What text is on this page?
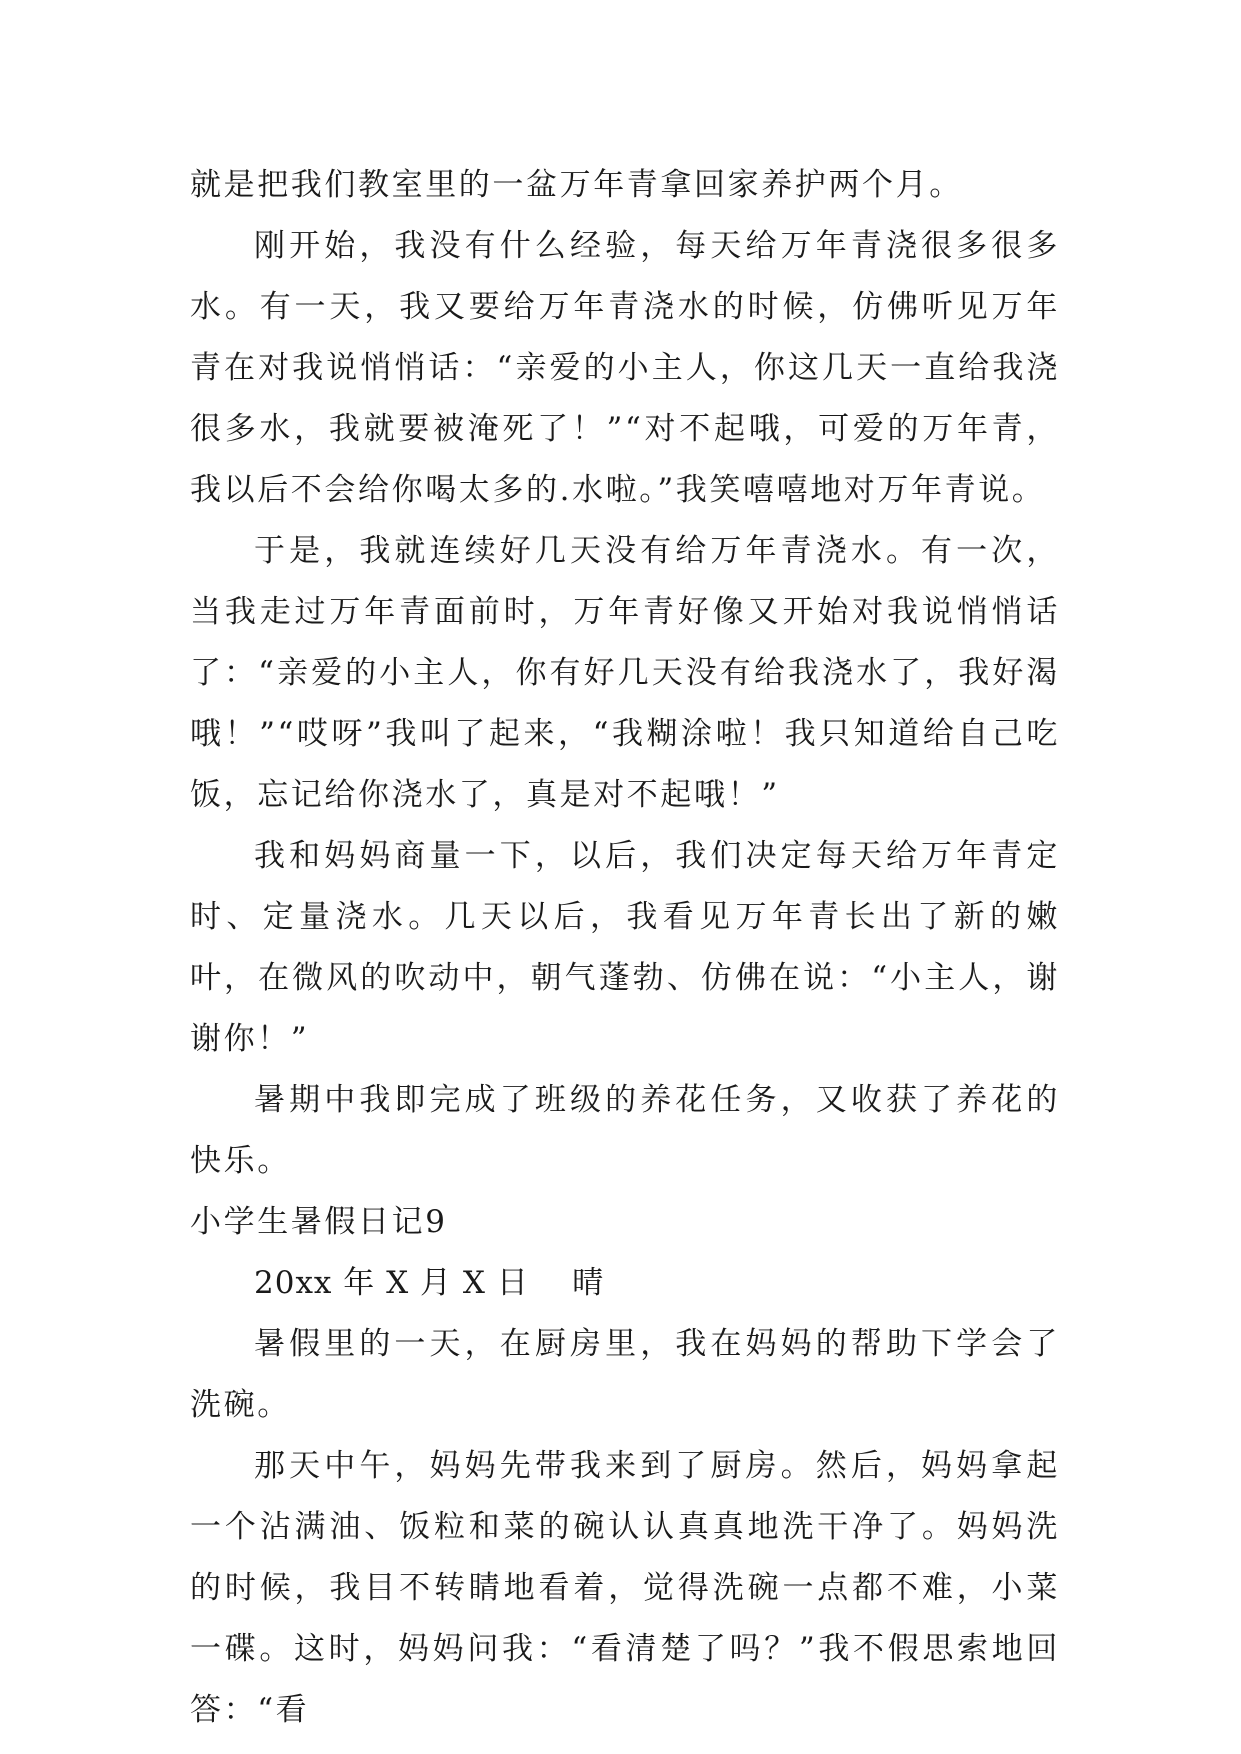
就是把我们教室里的一盆万年青拿回家养护两个月。

刚开始，我没有什么经验，每天给万年青浇很多很多水。有一天，我又要给万年青浇水的时候，仿佛听见万年青在对我说悄悄话：“亲爱的小主人，你这几天一直给我浇很多水，我就要被淹死了！”“对不起哦，可爱的万年青，我以后不会给你喝太多的.水啦。”我笑嘻嘻地对万年青说。

于是，我就连续好几天没有给万年青浇水。有一次，当我走过万年青面前时，万年青好像又开始对我说悄悄话了：“亲爱的小主人，你有好几天没有给我浇水了，我好渴哦！”“哎呀”我叫了起来，“我糊涂啦！我只知道给自己吃饭，忘记给你浇水了，真是对不起哦！”

我和妈妈商量一下，以后，我们决定每天给万年青定时、定量浇水。几天以后，我看见万年青长出了新的嫩叶，在微风的吹动中，朝气蓬勃、仿佛在说：“小主人，谢谢你！”

暑期中我即完成了班级的养花任务，又收获了养花的快乐。

小学生暑假日记9

20xx 年 X 月 X 日    晴

暑假里的一天，在厨房里，我在妈妈的帮助下学会了洗碗。

那天中午，妈妈先带我来到了厨房。然后，妈妈拿起一个沾满油、饭粒和菜的碗认认真真地洗干净了。妈妈洗的时候，我目不转睛地看着，觉得洗碗一点都不难，小菜一碟。这时，妈妈问我：“看清楚了吗？”我不假思索地回答：“看
